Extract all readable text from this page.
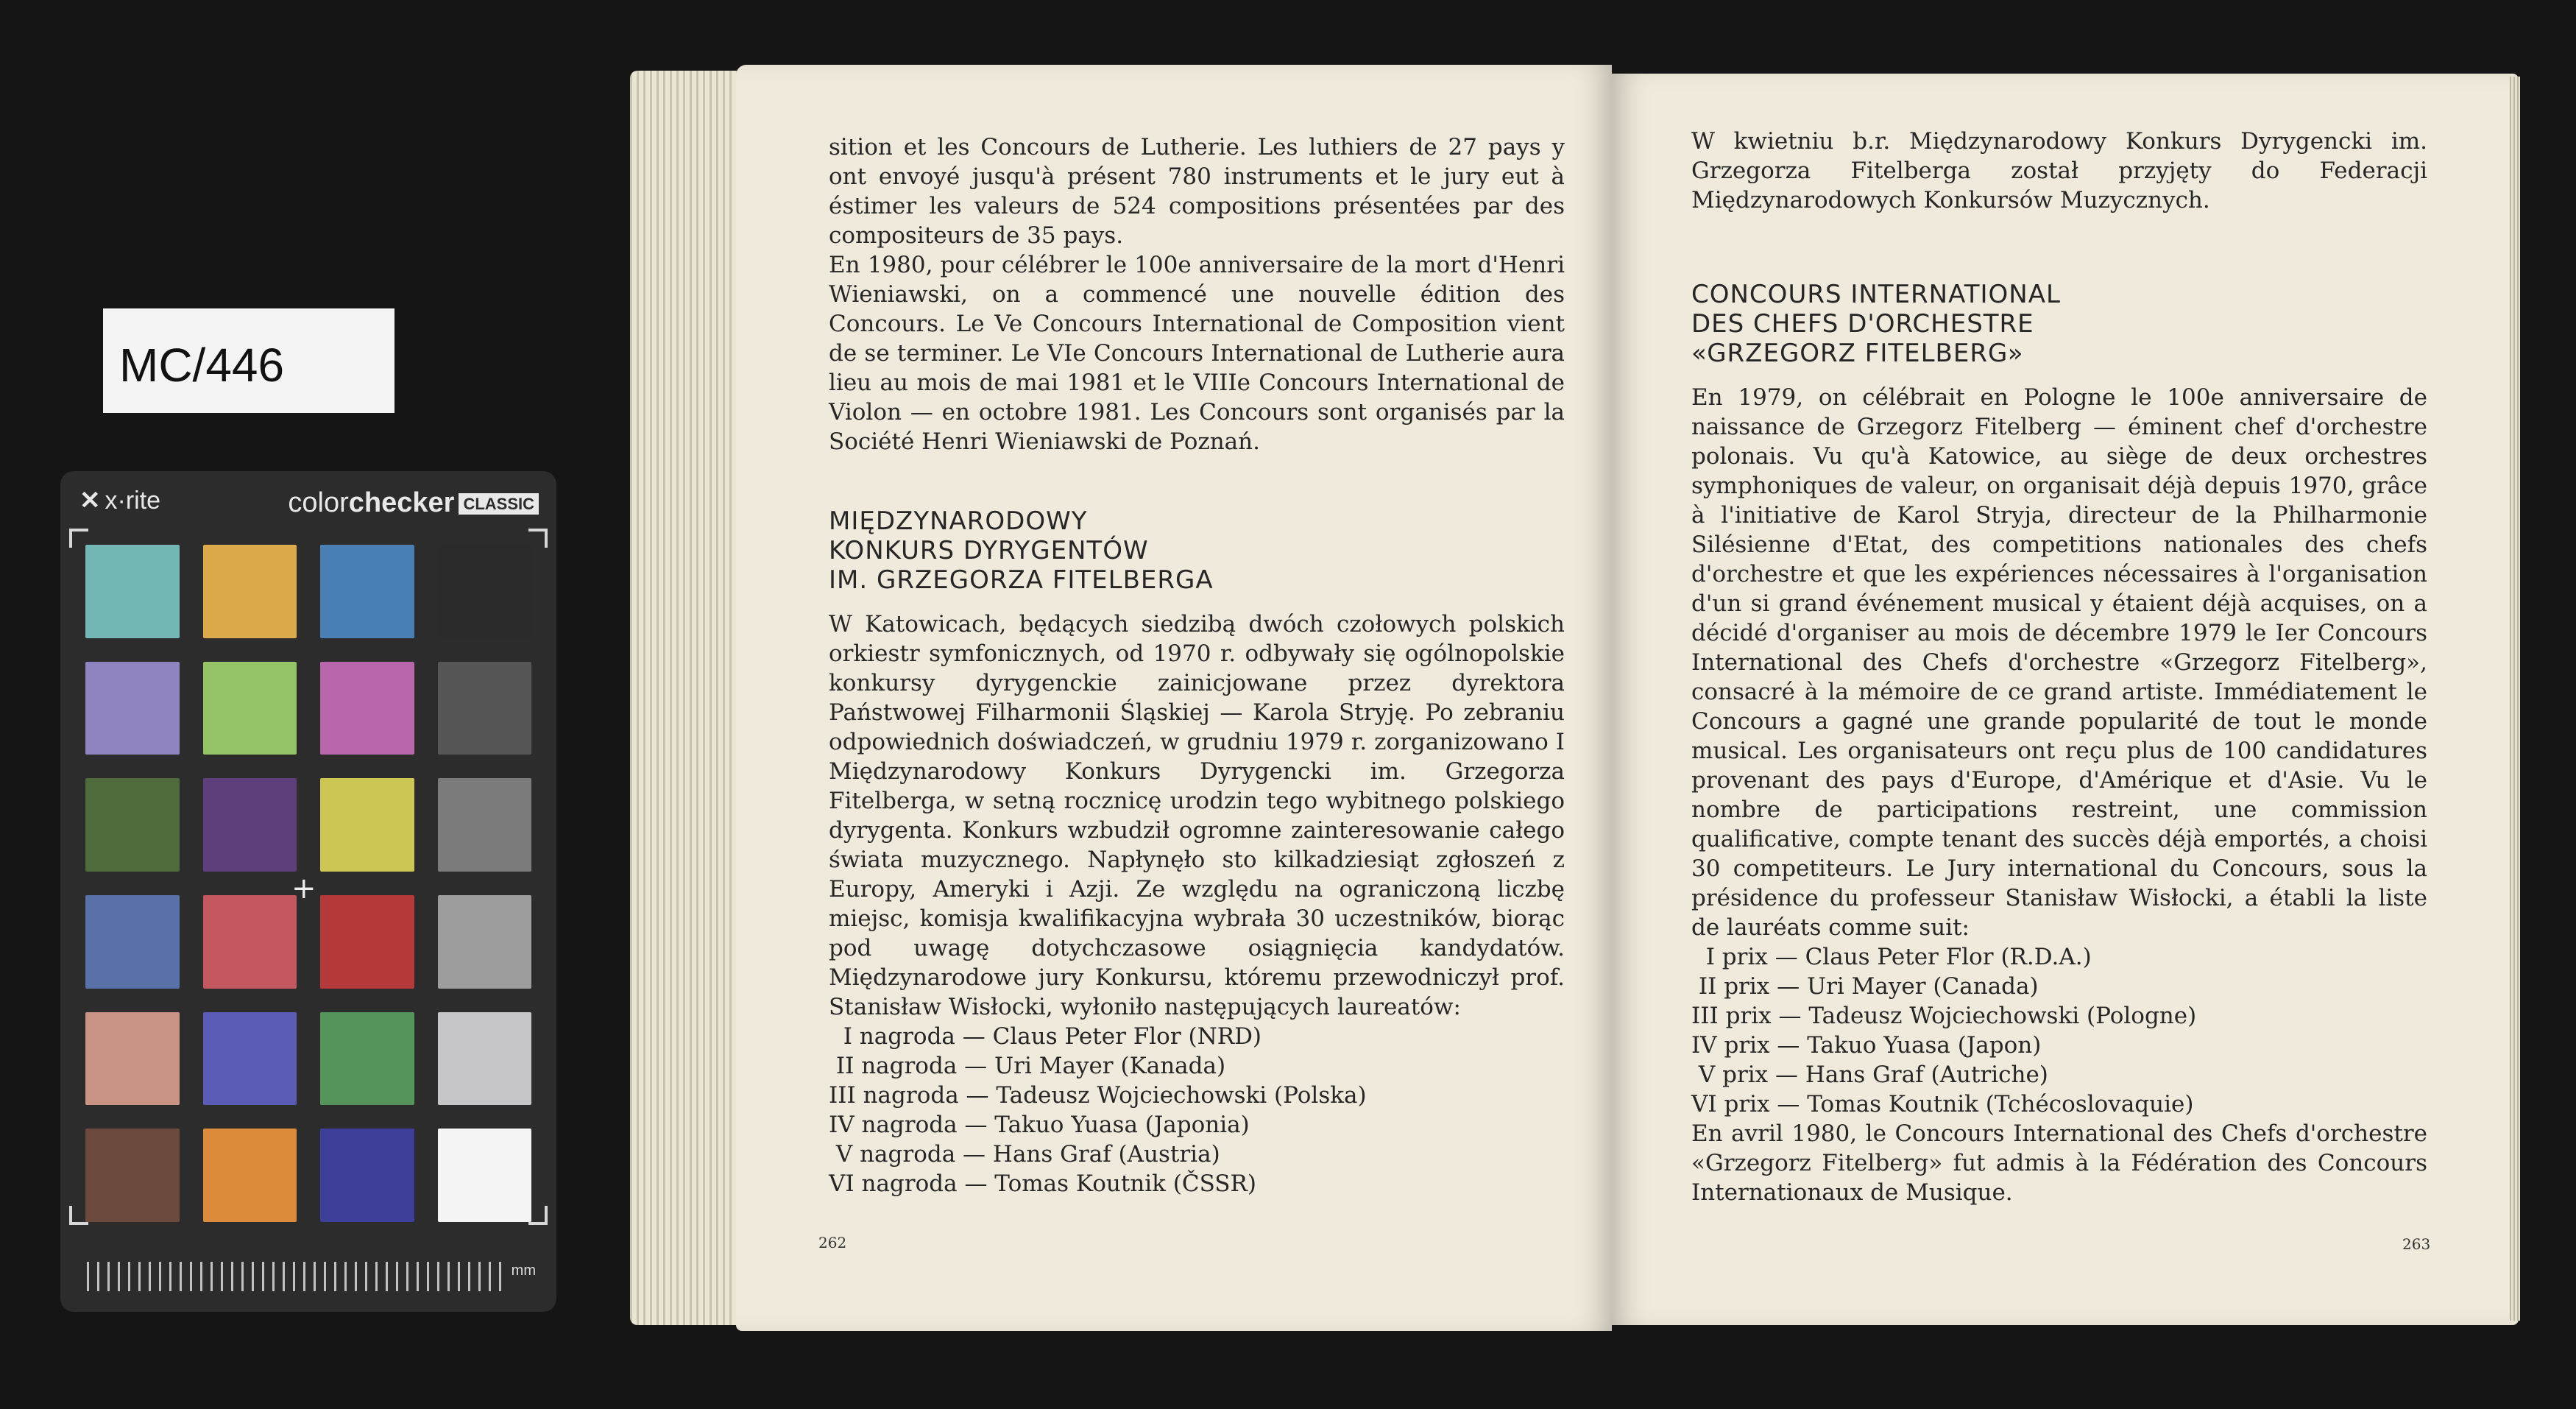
MC/446
✕ x·rite	colorchecker CLASSIC
+
mm

sition et les Concours de Lutherie. Les luthiers de 27 pays y ont envoyé jusqu'à présent 780 instruments et le jury eut à éstimer les valeurs de 524 compositions présentées par des compositeurs de 35 pays.

En 1980, pour célébrer le 100e anniversaire de la mort d'Henri Wieniawski, on a commencé une nouvelle édition des Concours. Le Ve Concours International de Composition vient de se terminer. Le VIe Concours International de Lutherie aura lieu au mois de mai 1981 et le VIIIe Concours International de Violon — en octobre 1981. Les Concours sont organisés par la Société Henri Wieniawski de Poznań.

MIĘDZYNARODOWY

KONKURS DYRYGENTÓW

IM. GRZEGORZA FITELBERGA

W Katowicach, będących siedzibą dwóch czołowych polskich orkiestr symfonicznych, od 1970 r. odbywały się ogólnopolskie konkursy dyrygenckie zainicjowane przez dyrektora Państwowej Filharmonii Śląskiej — Karola Stryję. Po zebraniu odpowiednich doświadczeń, w grudniu 1979 r. zorganizowano I Międzynarodowy Konkurs Dyrygencki im. Grzegorza Fitelberga, w setną rocznicę urodzin tego wybitnego polskiego dyrygenta. Konkurs wzbudził ogromne zainteresowanie całego świata muzycznego. Napłynęło sto kilkadziesiąt zgłoszeń z Europy, Ameryki i Azji. Ze względu na ograniczoną liczbę miejsc, komisja kwalifikacyjna wybrała 30 uczestników, biorąc pod uwagę dotychczasowe osiągnięcia kandydatów. Międzynarodowe jury Konkursu, któremu przewodniczył prof. Stanisław Wisłocki, wyłoniło następujących laureatów:

I nagroda — Claus Peter Flor (NRD)
II nagroda — Uri Mayer (Kanada)
III nagroda — Tadeusz Wojciechowski (Polska)
IV nagroda — Takuo Yuasa (Japonia)
V nagroda — Hans Graf (Austria)
VI nagroda — Tomas Koutnik (ČSSR)
262

W kwietniu b.r. Międzynarodowy Konkurs Dyrygencki im. Grzegorza Fitelberga został przyjęty do Federacji Międzynarodowych Konkursów Muzycznych.

CONCOURS INTERNATIONAL

DES CHEFS D'ORCHESTRE

«GRZEGORZ FITELBERG»

En 1979, on célébrait en Pologne le 100e anniversaire de naissance de Grzegorz Fitelberg — éminent chef d'orchestre polonais. Vu qu'à Katowice, au siège de deux orchestres symphoniques de valeur, on organisait déjà depuis 1970, grâce à l'initiative de Karol Stryja, directeur de la Philharmonie Silésienne d'Etat, des competitions nationales des chefs d'orchestre et que les expériences nécessaires à l'organisation d'un si grand événement musical y étaient déjà acquises, on a décidé d'organiser au mois de décembre 1979 le Ier Concours International des Chefs d'orchestre «Grzegorz Fitelberg», consacré à la mémoire de ce grand artiste. Immédiatement le Concours a gagné une grande popularité de tout le monde musical. Les organisateurs ont reçu plus de 100 candidatures provenant des pays d'Europe, d'Amérique et d'Asie. Vu le nombre de participations restreint, une commission qualificative, compte tenant des succès déjà emportés, a choisi 30 competiteurs. Le Jury international du Concours, sous la présidence du professeur Stanisław Wisłocki, a établi la liste de lauréats comme suit:

I prix — Claus Peter Flor (R.D.A.)
II prix — Uri Mayer (Canada)
III prix — Tadeusz Wojciechowski (Pologne)
IV prix — Takuo Yuasa (Japon)
V prix — Hans Graf (Autriche)
VI prix — Tomas Koutnik (Tchécoslovaquie)

En avril 1980, le Concours International des Chefs d'orchestre «Grzegorz Fitelberg» fut admis à la Fédération des Concours Internationaux de Musique.

263
